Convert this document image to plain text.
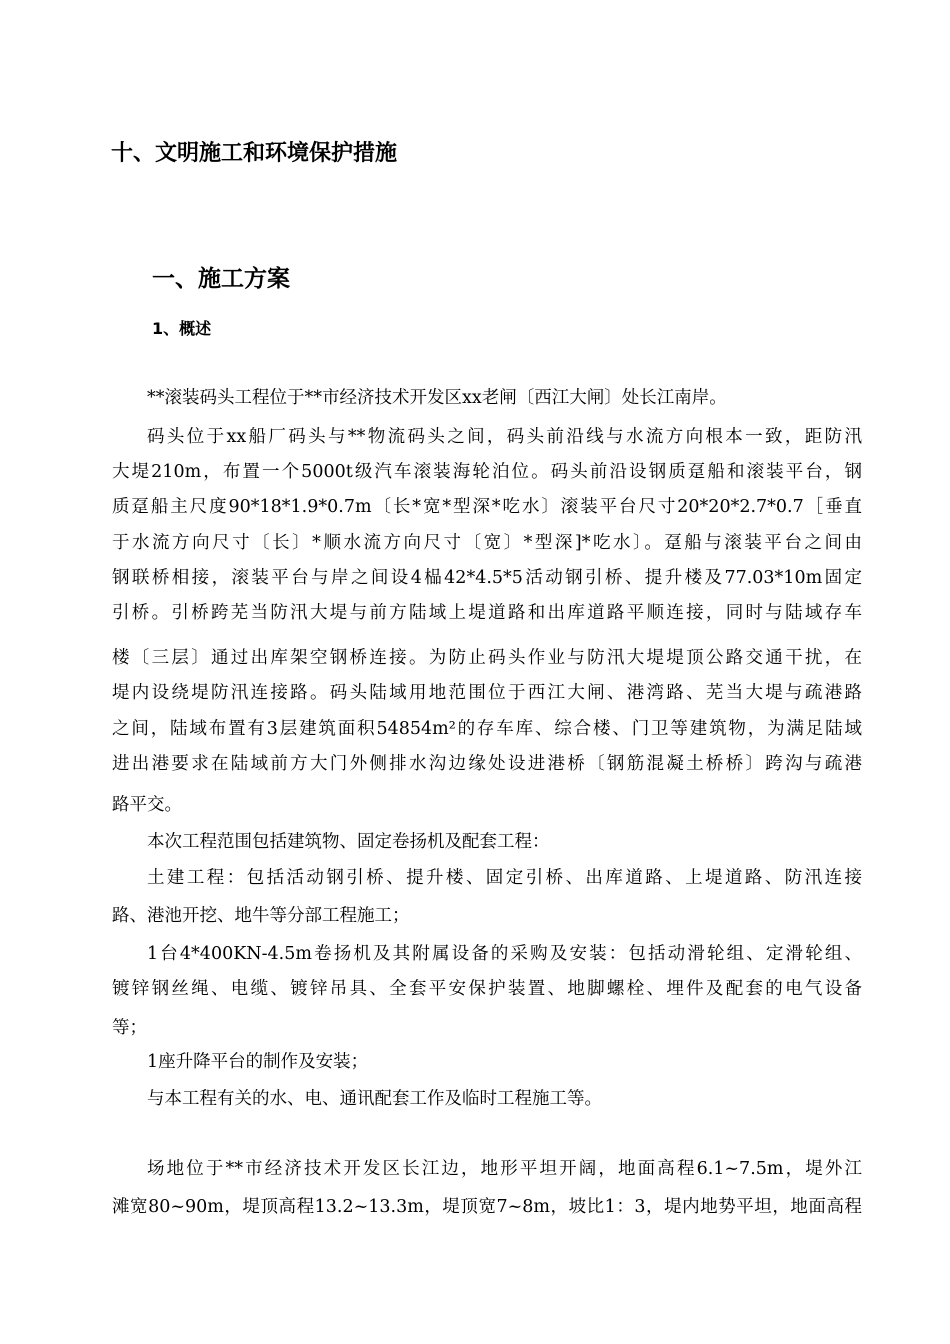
十、文明施工和环境保护措施
一、施工方案
1、概述
**滚装码头工程位于**市经济技术开发区xx老闸〔西江大闸〕处长江南岸。
码头位于xx船厂码头与**物流码头之间，码头前沿线与水流方向根本一致，距防汛
大堤210m，布置一个5000t级汽车滚装海轮泊位。码头前沿设钢质趸船和滚装平台，钢
质趸船主尺度90*18*1.9*0.7m〔长*宽*型深*吃水〕滚装平台尺寸20*20*2.7*0.7［垂直
于水流方向尺寸〔长〕*顺水流方向尺寸〔宽〕*型深]*吃水〕。趸船与滚装平台之间由
钢联桥相接，滚装平台与岸之间设4榀42*4.5*5活动钢引桥、提升楼及77.03*10m固定
引桥。引桥跨芜当防汛大堤与前方陆域上堤道路和出库道路平顺连接，同时与陆域存车
楼〔三层〕通过出库架空钢桥连接。为防止码头作业与防汛大堤堤顶公路交通干扰，在
堤内设绕堤防汛连接路。码头陆域用地范围位于西江大闸、港湾路、芜当大堤与疏港路
之间，陆域布置有3层建筑面积54854m²的存车库、综合楼、门卫等建筑物，为满足陆域
进出港要求在陆域前方大门外侧排水沟边缘处设进港桥〔钢筋混凝土桥桥〕跨沟与疏港
路平交。
本次工程范围包括建筑物、固定卷扬机及配套工程：
土建工程：包括活动钢引桥、提升楼、固定引桥、出库道路、上堤道路、防汛连接
路、港池开挖、地牛等分部工程施工；
1台4*400KN-4.5m卷扬机及其附属设备的采购及安装：包括动滑轮组、定滑轮组、
镀锌钢丝绳、电缆、镀锌吊具、全套平安保护装置、地脚螺栓、埋件及配套的电气设备
等；
1座升降平台的制作及安装；
与本工程有关的水、电、通讯配套工作及临时工程施工等。
场地位于**市经济技术开发区长江边，地形平坦开阔，地面高程6.1~7.5m，堤外江
滩宽80~90m，堤顶高程13.2~13.3m，堤顶宽7~8m，坡比1：3，堤内地势平坦，地面高程
